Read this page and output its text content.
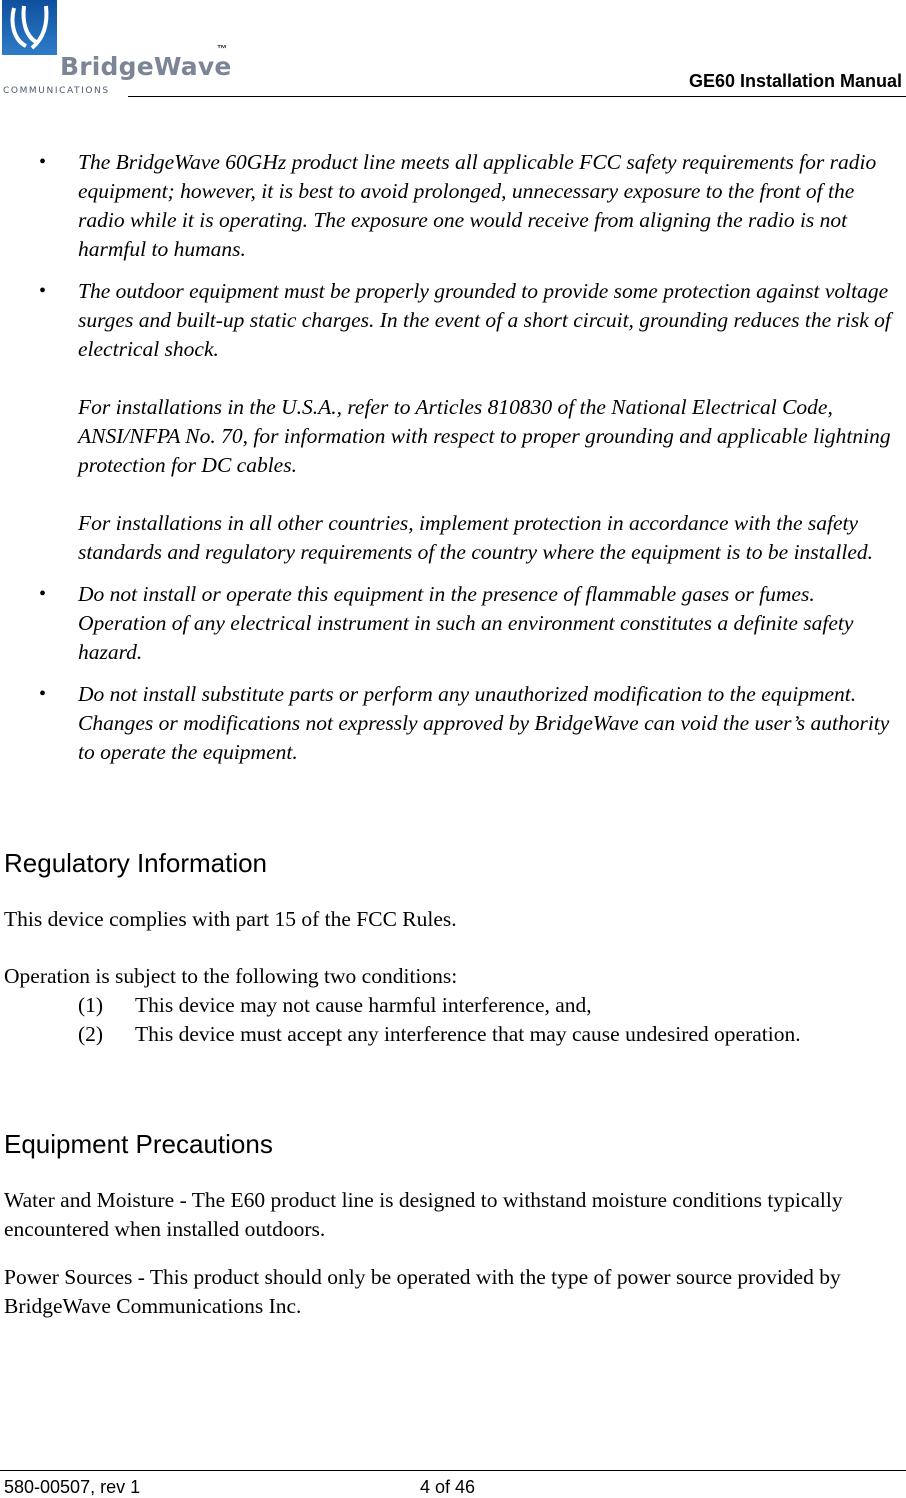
BridgeWave
™
COMMUNICATIONS	GE60 Installation Manual
• The BridgeWave 60GHz product line meets all applicable FCC safety requirements for radio equipment; however, it is best to avoid prolonged, unnecessary exposure to the front of the radio while it is operating. The exposure one would receive from aligning the radio is not harmful to humans.

• The outdoor equipment must be properly grounded to provide some protection against voltage surges and built-up static charges. In the event of a short circuit, grounding reduces the risk of electrical shock.

For installations in the U.S.A., refer to Articles 810830 of the National Electrical Code, ANSI/NFPA No. 70, for information with respect to proper grounding and applicable lightning protection for DC cables.

For installations in all other countries, implement protection in accordance with the safety standards and regulatory requirements of the country where the equipment is to be installed.

• Do not install or operate this equipment in the presence of flammable gases or fumes. Operation of any electrical instrument in such an environment constitutes a definite safety hazard.

• Do not install substitute parts or perform any unauthorized modification to the equipment. Changes or modifications not expressly approved by BridgeWave can void the user’s authority to operate the equipment.

Regulatory Information

This device complies with part 15 of the FCC Rules.

Operation is subject to the following two conditions:

(1) This device may not cause harmful interference, and,
(2) This device must accept any interference that may cause undesired operation.
Equipment Precautions

Water and Moisture - The E60 product line is designed to withstand moisture conditions typically encountered when installed outdoors.

Power Sources - This product should only be operated with the type of power source provided by BridgeWave Communications Inc.

580-00507, rev 1	4 of 46
